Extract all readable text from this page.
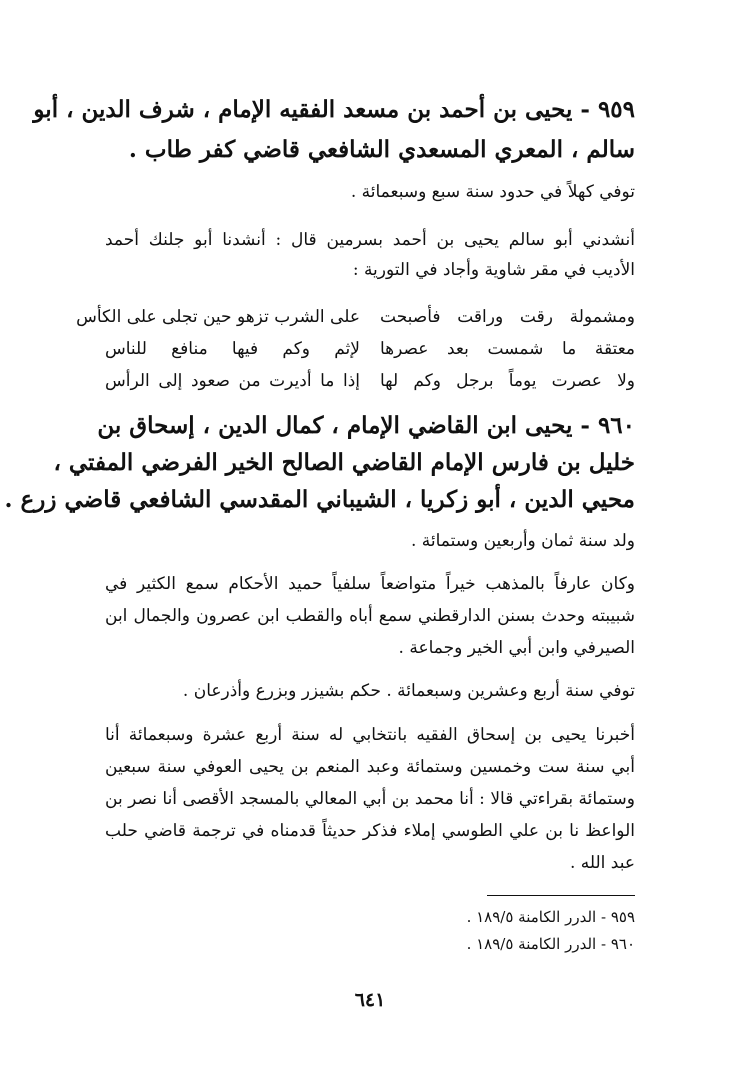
٩٥٩ - يحيى بن أحمد بن مسعد الفقيه الإمام ، شرف الدين ، أبو
سالم ، المعري المسعدي الشافعي قاضي كفر طاب .
توفي كهلاً في حدود سنة سبع وسبعمائة .
أنشدني أبو سالم يحيى بن أحمد بسرمين قال : أنشدنا أبو جلنك أحمد
الأديب في مقر شاوية وأجاد في التورية :
ومشمولة رقت وراقت فأصبحت
على الشرب تزهو حين تجلى على الكأس
معتقة ما شمست بعد عصرها
لإثم وكم فيها منافع للناس
ولا عصرت يوماً برجل وكم لها
إذا ما أديرت من صعود إلى الرأس
٩٦٠ - يحيى ابن القاضي الإمام ، كمال الدين ، إسحاق بن
خليل بن فارس الإمام القاضي الصالح الخير الفرضي المفتي ،
محيي الدين ، أبو زكريا ، الشيباني المقدسي الشافعي قاضي زرع .
ولد سنة ثمان وأربعين وستمائة .
وكان عارفاً بالمذهب خيراً متواضعاً سلفياً حميد الأحكام سمع الكثير في
شبيبته وحدث بسنن الدارقطني سمع أباه والقطب ابن عصرون والجمال ابن
الصيرفي وابن أبي الخير وجماعة .
توفي سنة أربع وعشرين وسبعمائة . حكم بشيزر وبزرع وأذرعان .
أخبرنا يحيى بن إسحاق الفقيه بانتخابي له سنة أربع عشرة وسبعمائة أنا
أبي سنة ست وخمسين وستمائة وعبد المنعم بن يحيى العوفي سنة سبعين
وستمائة بقراءتي قالا : أنا محمد بن أبي المعالي بالمسجد الأقصى أنا نصر بن
الواعظ نا بن علي الطوسي إملاء فذكر حديثاً قدمناه في ترجمة قاضي حلب
عبد الله .
٩٥٩ - الدرر الكامنة ١٨٩/٥ .
٩٦٠ - الدرر الكامنة ١٨٩/٥ .
٦٤١
